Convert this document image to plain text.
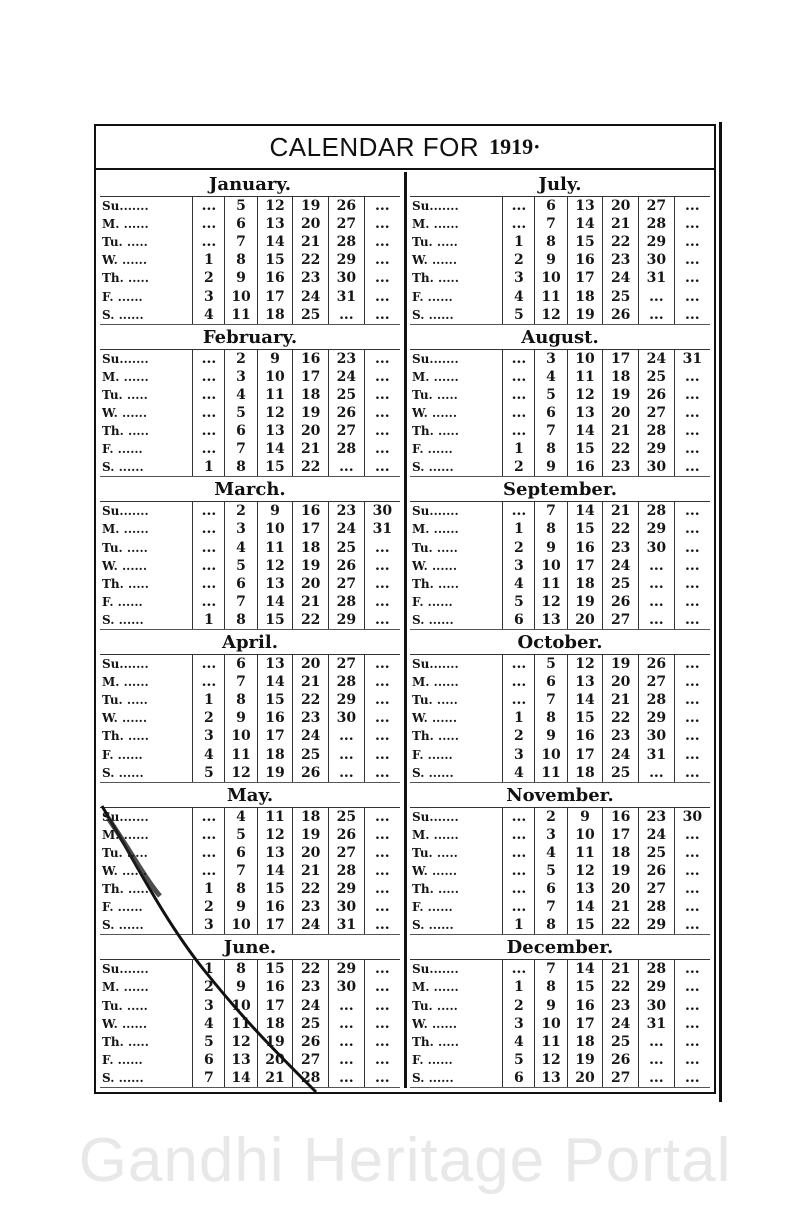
CALENDAR FOR 1919·
January.
Su.......	...	5	12	19	26	...
M. ......	...	6	13	20	27	...
Tu. .....	...	7	14	21	28	...
W. ......	1	8	15	22	29	...
Th. .....	2	9	16	23	30	...
F. ......	3	10	17	24	31	...
S. ......	4	11	18	25	...	...
July.
Su.......	...	6	13	20	27	...
M. ......	...	7	14	21	28	...
Tu. .....	1	8	15	22	29	...
W. ......	2	9	16	23	30	...
Th. .....	3	10	17	24	31	...
F. ......	4	11	18	25	...	...
S. ......	5	12	19	26	...	...
February.
Su.......	...	2	9	16	23	...
M. ......	...	3	10	17	24	...
Tu. .....	...	4	11	18	25	...
W. ......	...	5	12	19	26	...
Th. .....	...	6	13	20	27	...
F. ......	...	7	14	21	28	...
S. ......	1	8	15	22	...	...
August.
Su.......	...	3	10	17	24	31
M. ......	...	4	11	18	25	...
Tu. .....	...	5	12	19	26	...
W. ......	...	6	13	20	27	...
Th. .....	...	7	14	21	28	...
F. ......	1	8	15	22	29	...
S. ......	2	9	16	23	30	...
March.
Su.......	...	2	9	16	23	30
M. ......	...	3	10	17	24	31
Tu. .....	...	4	11	18	25	...
W. ......	...	5	12	19	26	...
Th. .....	...	6	13	20	27	...
F. ......	...	7	14	21	28	...
S. ......	1	8	15	22	29	...
September.
Su.......	...	7	14	21	28	...
M. ......	1	8	15	22	29	...
Tu. .....	2	9	16	23	30	...
W. ......	3	10	17	24	...	...
Th. .....	4	11	18	25	...	...
F. ......	5	12	19	26	...	...
S. ......	6	13	20	27	...	...
April.
Su.......	...	6	13	20	27	...
M. ......	...	7	14	21	28	...
Tu. .....	1	8	15	22	29	...
W. ......	2	9	16	23	30	...
Th. .....	3	10	17	24	...	...
F. ......	4	11	18	25	...	...
S. ......	5	12	19	26	...	...
October.
Su.......	...	5	12	19	26	...
M. ......	...	6	13	20	27	...
Tu. .....	...	7	14	21	28	...
W. ......	1	8	15	22	29	...
Th. .....	2	9	16	23	30	...
F. ......	3	10	17	24	31	...
S. ......	4	11	18	25	...	...
May.
Su.......	...	4	11	18	25	...
M. ......	...	5	12	19	26	...
Tu. .....	...	6	13	20	27	...
W. ......	...	7	14	21	28	...
Th. .....	1	8	15	22	29	...
F. ......	2	9	16	23	30	...
S. ......	3	10	17	24	31	...
November.
Su.......	...	2	9	16	23	30
M. ......	...	3	10	17	24	...
Tu. .....	...	4	11	18	25	...
W. ......	...	5	12	19	26	...
Th. .....	...	6	13	20	27	...
F. ......	...	7	14	21	28	...
S. ......	1	8	15	22	29	...
June.
Su.......	1	8	15	22	29	...
M. ......	2	9	16	23	30	...
Tu. .....	3	10	17	24	...	...
W. ......	4	11	18	25	...	...
Th. .....	5	12	19	26	...	...
F. ......	6	13	20	27	...	...
S. ......	7	14	21	28	...	...
December.
Su.......	...	7	14	21	28	...
M. ......	1	8	15	22	29	...
Tu. .....	2	9	16	23	30	...
W. ......	3	10	17	24	31	...
Th. .....	4	11	18	25	...	...
F. ......	5	12	19	26	...	...
S. ......	6	13	20	27	...	...
Gandhi Heritage Portal
